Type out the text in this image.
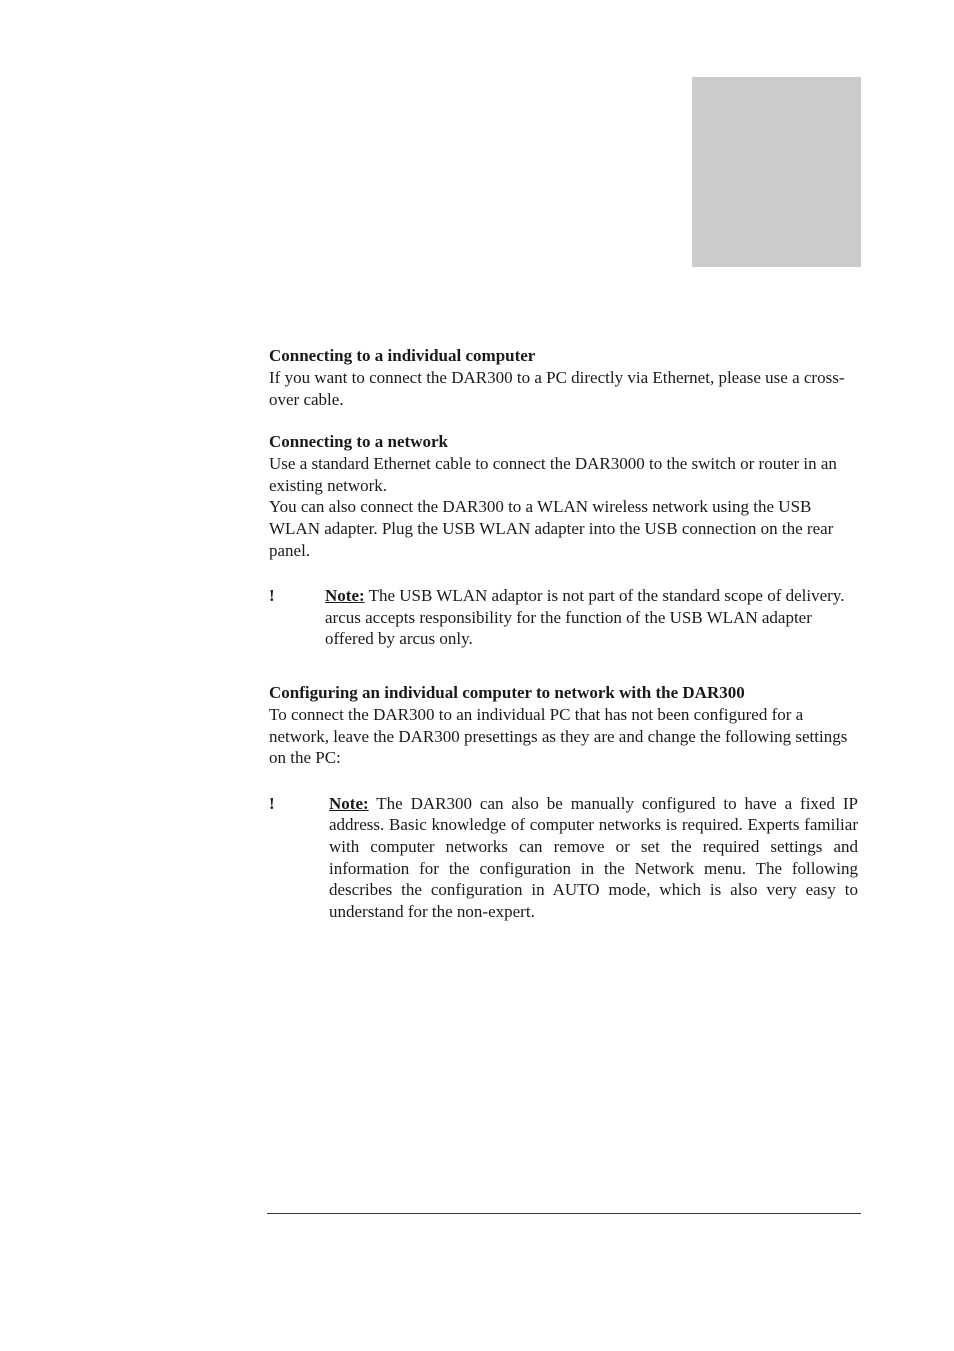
Connecting to a individual computer

If you want to connect the DAR300 to a PC directly via Ethernet, please use a cross-over cable.

Connecting to a network

Use a standard Ethernet cable to connect the DAR3000 to the switch or router in an existing network.

You can also connect the DAR300 to a WLAN wireless network using the USB WLAN adapter. Plug the USB WLAN adapter into the USB connection on the rear panel.

!	Note: The USB WLAN adaptor is not part of the standard scope of delivery. arcus accepts responsibility for the function of the USB WLAN adapter offered by arcus only.

Configuring an individual computer to network with the DAR300

To connect the DAR300 to an individual PC that has not been configured for a network, leave the DAR300 presettings as they are and change the following settings on the PC:

!	Note: The DAR300 can also be manually configured to have a fixed IP address. Basic knowledge of computer networks is required. Experts familiar with computer networks can remove or set the required settings and information for the configuration in the Network menu. The following describes the configuration in AUTO mode, which is also very easy to understand for the non-expert.
